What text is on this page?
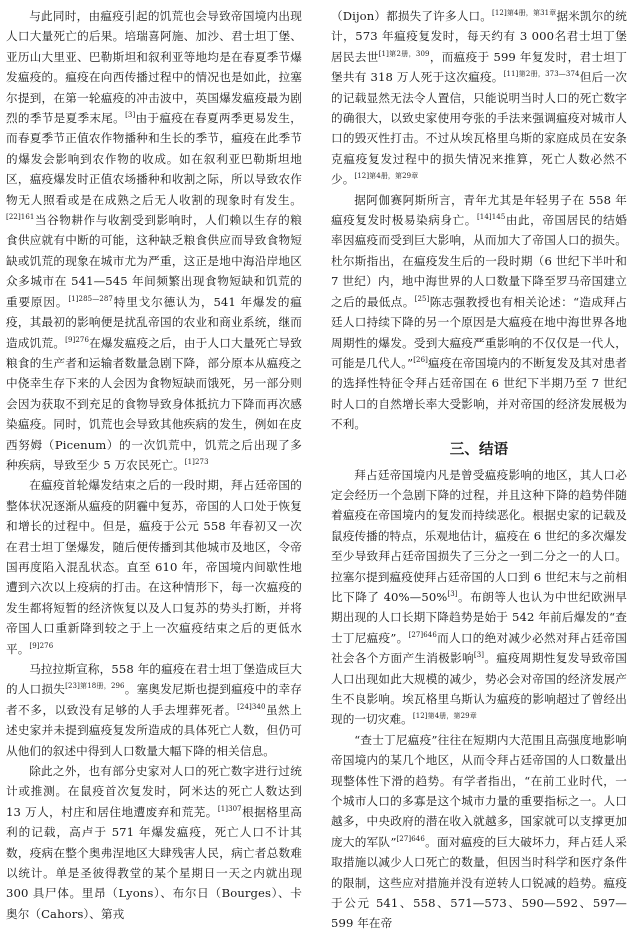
与此同时，由瘟疫引起的饥荒也会导致帝国境内出现人口大量死亡的后果。培瑞喜阿施、加沙、君士坦丁堡、亚历山大里亚、巴勒斯坦和叙利亚等地均是在春夏季节爆发瘟疫的。瘟疫在向西传播过程中的情况也是如此，拉塞尔提到，在第一轮瘟疫的冲击波中，英国爆发瘟疫最为剧烈的季节是夏季末尾。[3]由于瘟疫在春夏两季更易发生，而春夏季节正值农作物播种和生长的季节，瘟疫在此季节的爆发会影响到农作物的收成。如在叙利亚巴勒斯坦地区，瘟疫爆发时正值农场播种和收割之际，所以导致农作物无人照看或是在成熟之后无人收割的现象时有发生。$^{[22]161}$当谷物耕作与收割受到影响时，人们赖以生存的粮食供应就有中断的可能，这种缺乏粮食供应而导致食物短缺或饥荒的现象在城市尤为严重，这正是地中海沿岸地区众多城市在 541—545 年间频繁出现食物短缺和饥荒的重要原因。$^{[1]285—287}$特里戈尔德认为，541 年爆发的瘟疫，其最初的影响便是扰乱帝国的农业和商业系统，继而造成饥荒。$^{[9]276}$在爆发瘟疫之后，由于人口大量死亡导致粮食的生产者和运输者数量急剧下降，部分原本从瘟疫之中侥幸生存下来的人会因为食物短缺而饿死，另一部分则会因为获取不到充足的食物导致身体抵抗力下降而再次感染瘟疫。同时，饥荒也会导致其他疾病的发生，例如在皮西努姆（Picenum）的一次饥荒中，饥荒之后出现了多种疾病，导致至少 5 万农民死亡。$^{[1]273}$

在瘟疫首轮爆发结束之后的一段时期，拜占廷帝国的整体状况逐渐从瘟疫的阴霾中复苏，帝国的人口处于恢复和增长的过程中。但是，瘟疫于公元 558 年春初又一次在君士坦丁堡爆发，随后便传播到其他城市及地区，令帝国再度陷入混乱状态。直至 610 年，帝国境内间歇性地遭到六次以上疫病的打击。在这种情形下，每一次瘟疫的发生都将短暂的经济恢复以及人口复苏的势头打断，并将帝国人口重新降到较之于上一次瘟疫结束之后的更低水平。$^{[9]276}$

马拉拉斯宣称，558 年的瘟疫在君士坦丁堡造成巨大的人口损失$^{[23]第18册,296}$。塞奥发尼斯也提到瘟疫中的幸存者不多，以致没有足够的人手去埋葬死者。$^{[24]340}$虽然上述史家并未提到瘟疫复发所造成的具体死亡人数，但仍可从他们的叙述中得到人口数量大幅下降的相关信息。

除此之外，也有部分史家对人口的死亡数字进行过统计或推测。在鼠疫首次复发时，阿米达的死亡人数达到 13 万人，村庄和居住地遭废弃和荒芜。$^{[1]307}$根据格里高利的记载，高卢于 571 年爆发瘟疫，死亡人口不计其数，疫病在整个奥弗涅地区大肆残害人民，病亡者总数难以统计。单是圣彼得教堂的某个星期日一天之内就出现 300 具尸体。里昂（Lyons）、布尔日（Bourges）、卡奥尔（Cahors）、第戎

（Dijon）都损失了许多人口。$^{[12]第4册,第31章}$据米凯尔的统计，573 年瘟疫复发时，每天约有 3 000名君士坦丁堡居民去世$^{[1]第2册,309}$，而瘟疫于 599 年复发时，君士坦丁堡共有 318 万人死于这次瘟疫。$^{[11]第2册,373—374}$但后一次的记载显然无法令人置信，只能说明当时人口的死亡数字的确很大，以致史家使用夸张的手法来强调瘟疫对城市人口的毁灭性打击。不过从埃瓦格里乌斯的家庭成员在安条克瘟疫复发过程中的损失情况来推算，死亡人数必然不少。$^{[12]第4册,第29章}$

据阿伽赛阿斯所言，青年尤其是年轻男子在 558 年瘟疫复发时极易染病身亡。$^{[14]145}$由此，帝国居民的结婚率因瘟疫而受到巨大影响，从而加大了帝国人口的损失。杜尔斯指出，在瘟疫发生后的一段时期（6 世纪下半叶和 7 世纪）内，地中海世界的人口数量下降至罗马帝国建立之后的最低点。[25]陈志强教授也有相关论述：“造成拜占廷人口持续下降的另一个原因是大瘟疫在地中海世界各地周期性的爆发。受到大瘟疫严重影响的不仅仅是一代人，可能是几代人。”[26]瘟疫在帝国境内的不断复发及其对患者的选择性特征令拜占廷帝国在 6 世纪下半期乃至 7 世纪时人口的自然增长率大受影响，并对帝国的经济发展极为不利。

三、结语

拜占廷帝国境内凡是曾受瘟疫影响的地区，其人口必定会经历一个急剧下降的过程，并且这种下降的趋势伴随着瘟疫在帝国境内的复发而持续恶化。根据史家的记载及鼠疫传播的特点，乐观地估计，瘟疫在 6 世纪的多次爆发至少导致拜占廷帝国损失了三分之一到二分之一的人口。拉塞尔提到瘟疫使拜占廷帝国的人口到 6 世纪末与之前相比下降了 40%—50%[3]。布朗等人也认为中世纪欧洲早期出现的人口长期下降趋势是始于 542 年前后爆发的“查士丁尼瘟疫”。$^{[27]646}$而人口的绝对减少必然对拜占廷帝国社会各个方面产生消极影响[3]。瘟疫周期性复发导致帝国人口出现如此大规模的减少，势必会对帝国的经济发展产生不良影响。埃瓦格里乌斯认为瘟疫的影响超过了曾经出现的一切灾难。$^{[12]第4册,第29章}$

“查士丁尼瘟疫”往往在短期内大范围且高强度地影响帝国境内的某几个地区，从而令拜占廷帝国的人口数量出现整体性下滑的趋势。有学者指出，“在前工业时代，一个城市人口的多寡是这个城市力量的重要指标之一。人口越多，中央政府的潜在收入就越多，国家就可以支撑更加庞大的军队”$^{[27]646}$。面对瘟疫的巨大破坏力，拜占廷人采取措施以减少人口死亡的数量，但因当时科学和医疗条件的限制，这些应对措施并没有逆转人口锐减的趋势。瘟疫于公元 541、558、571—573、590—592、597—599 年在帝
